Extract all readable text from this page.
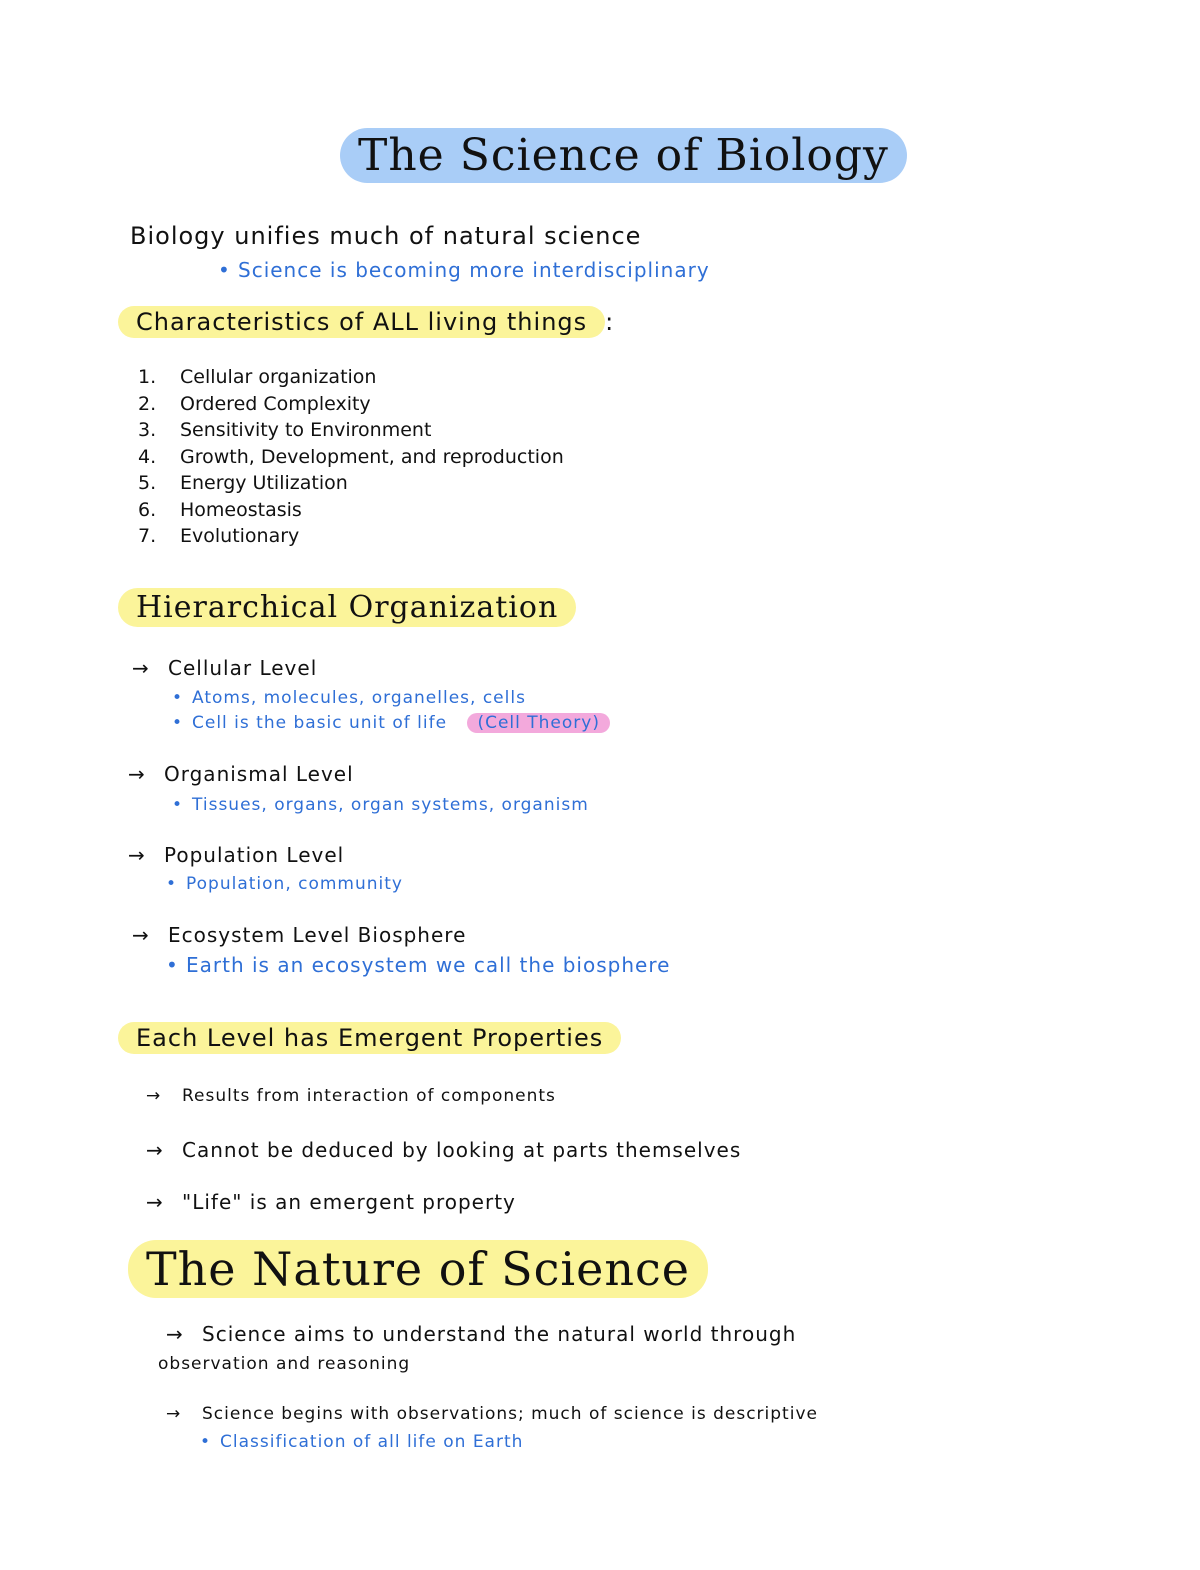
The Science of Biology
Biology unifies much of natural science
• Science is becoming more interdisciplinary
Characteristics of ALL living things :
1. Cellular organization
2. Ordered Complexity
3. Sensitivity to Environment
4. Growth, Development, and reproduction
5. Energy Utilization
6. Homeostasis
7. Evolutionary
Hierarchical Organization
→ Cellular Level
• Atoms, molecules, organelles, cells
• Cell is the basic unit of life (Cell Theory)
→ Organismal Level
• Tissues, organs, organ systems, organism
→ Population Level
• Population, community
→ Ecosystem Level Biosphere
• Earth is an ecosystem we call the biosphere
Each Level has Emergent Properties
→ Results from interaction of components
→ Cannot be deduced by looking at parts themselves
→ "Life" is an emergent property
The Nature of Science
→ Science aims to understand the natural world through
observation and reasoning
→ Science begins with observations; much of science is descriptive
• Classification of all life on Earth
